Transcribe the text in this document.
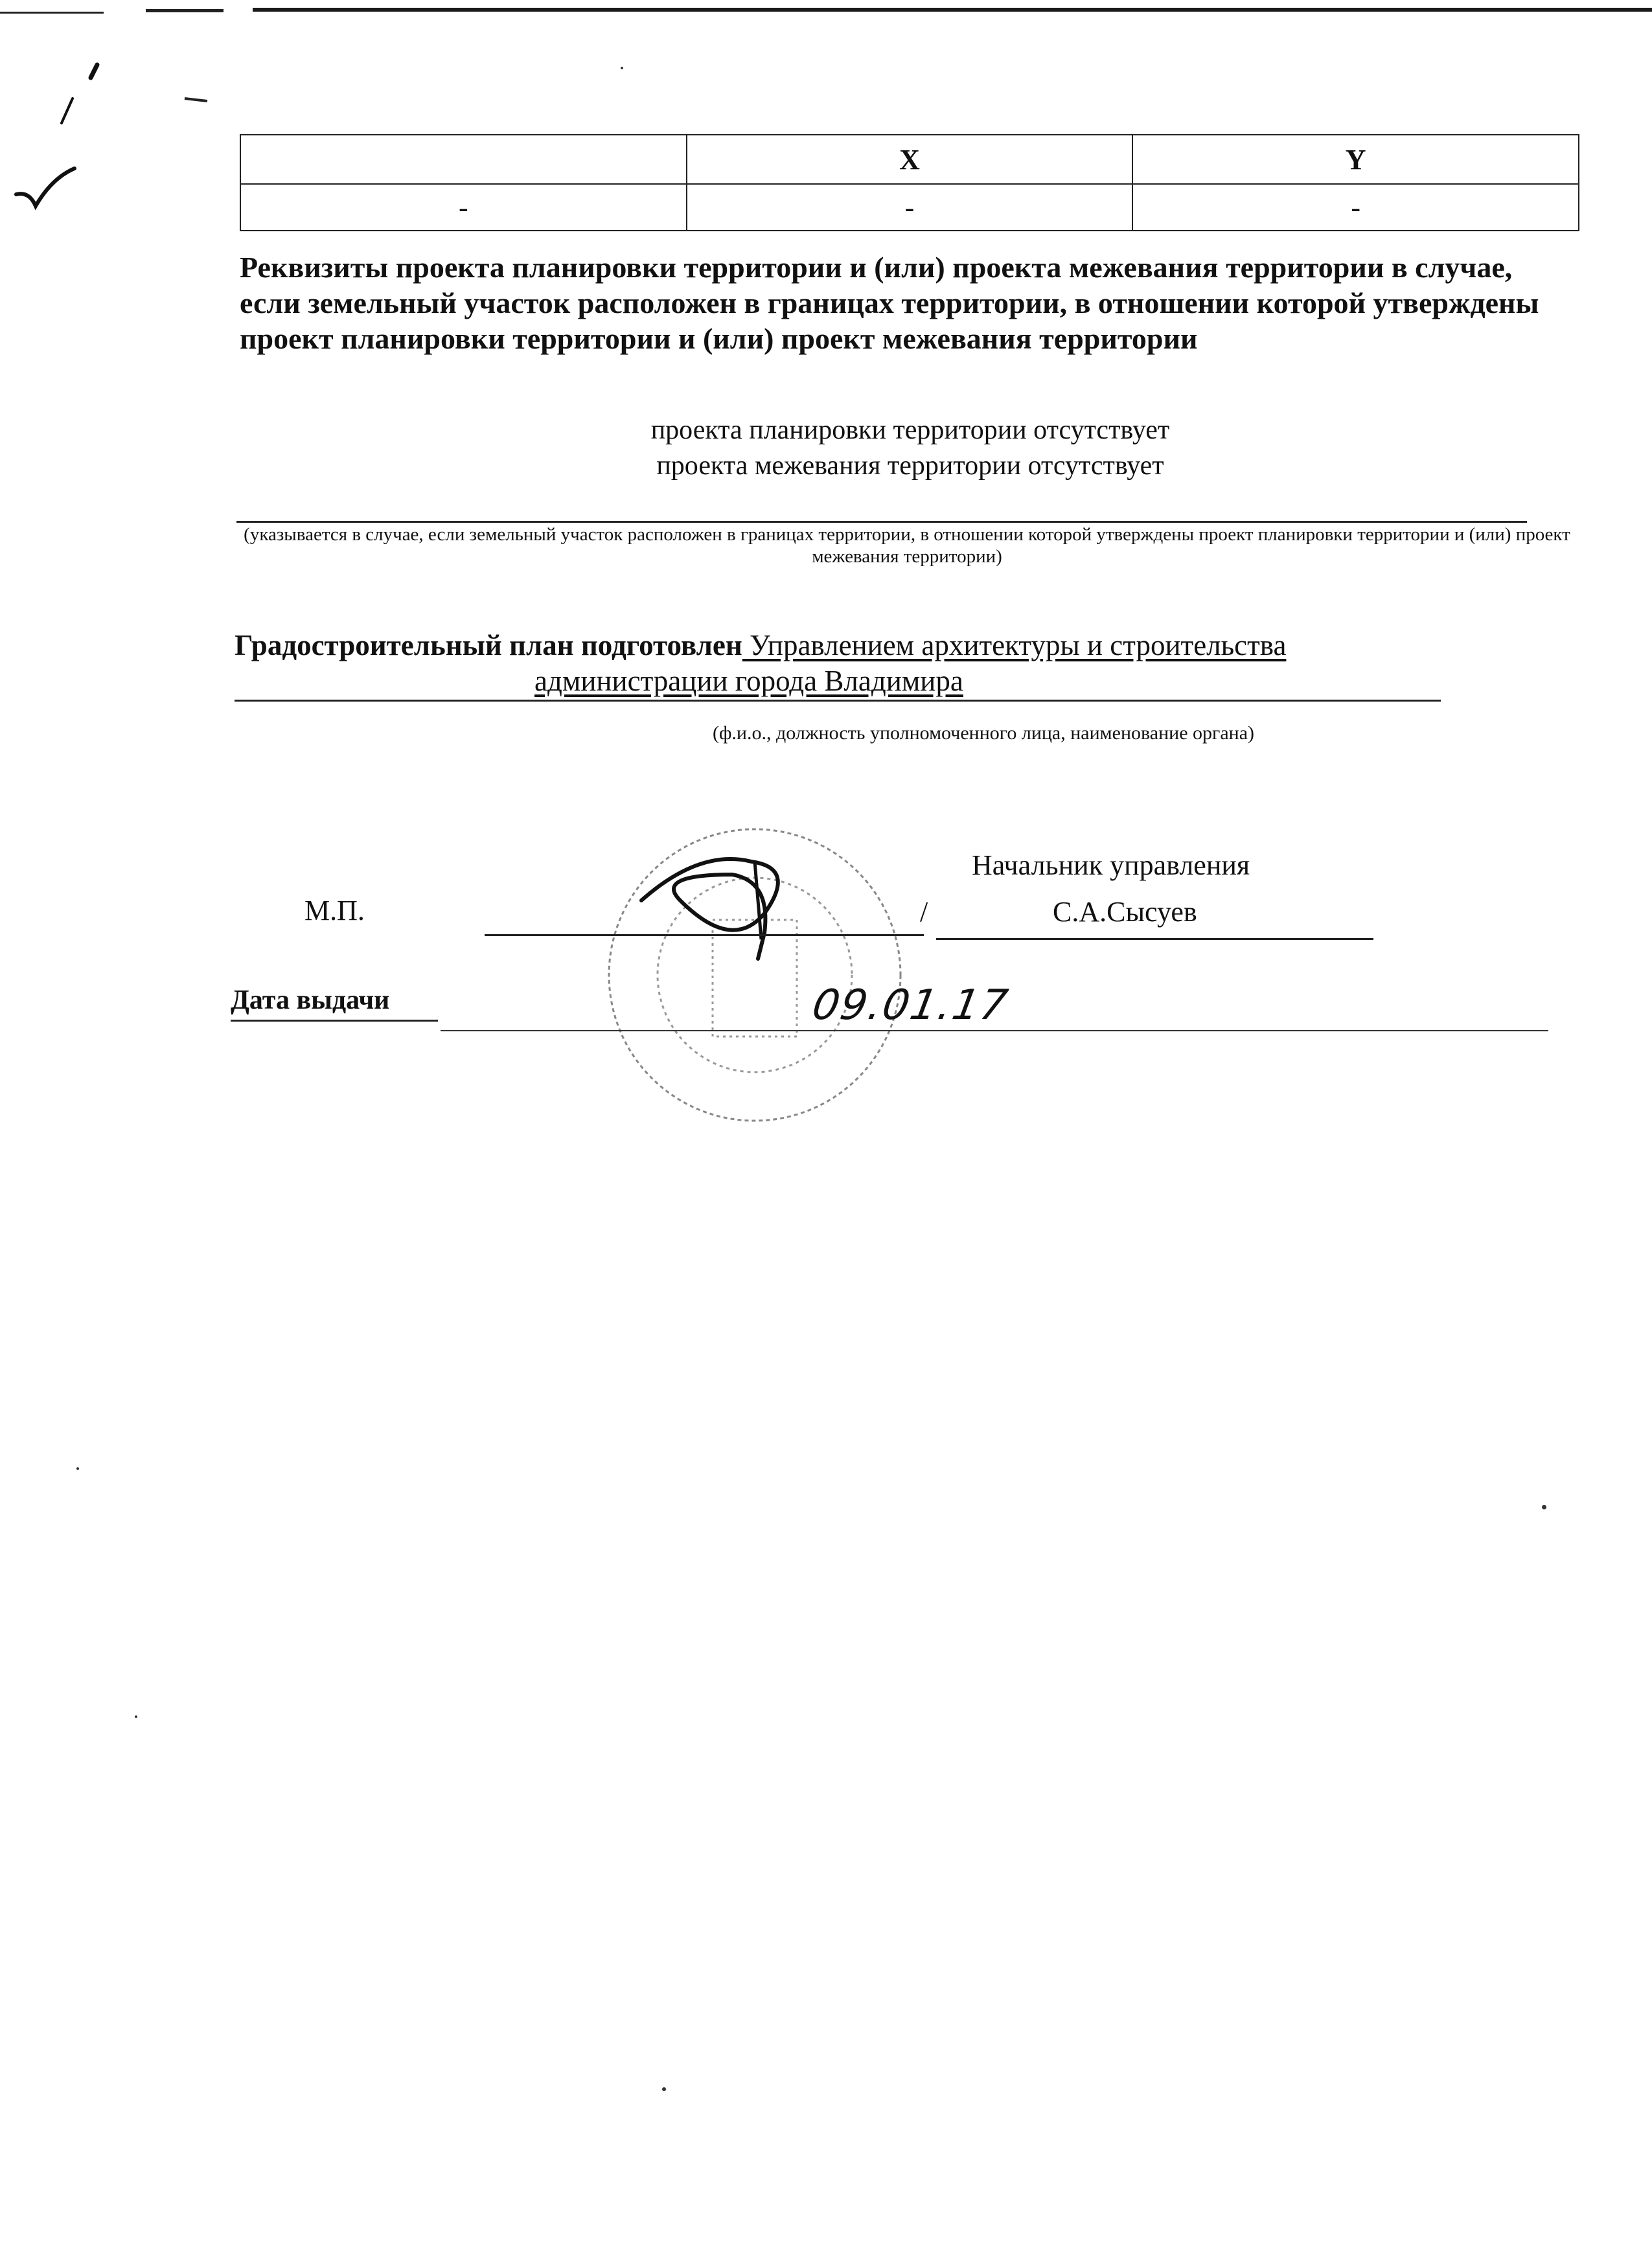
	X	Y
-	-	-
Реквизиты проекта планировки территории и (или) проекта межевания территории в случае, если земельный участок расположен в границах территории, в отношении которой утверждены проект планировки территории и (или) проект межевания территории
проекта планировки территории отсутствует
проекта межевания территории отсутствует
(указывается в случае, если земельный участок расположен в границах территории, в отношении которой утверждены проект планировки территории и (или) проект межевания территории)
Градостроительный план подготовлен Управлением архитектуры и строительства
администрации города Владимира
(ф.и.о., должность уполномоченного лица, наименование органа)
Начальник управления
М.П.	/	С.А.Сысуев
Дата выдачи	09.01.17
